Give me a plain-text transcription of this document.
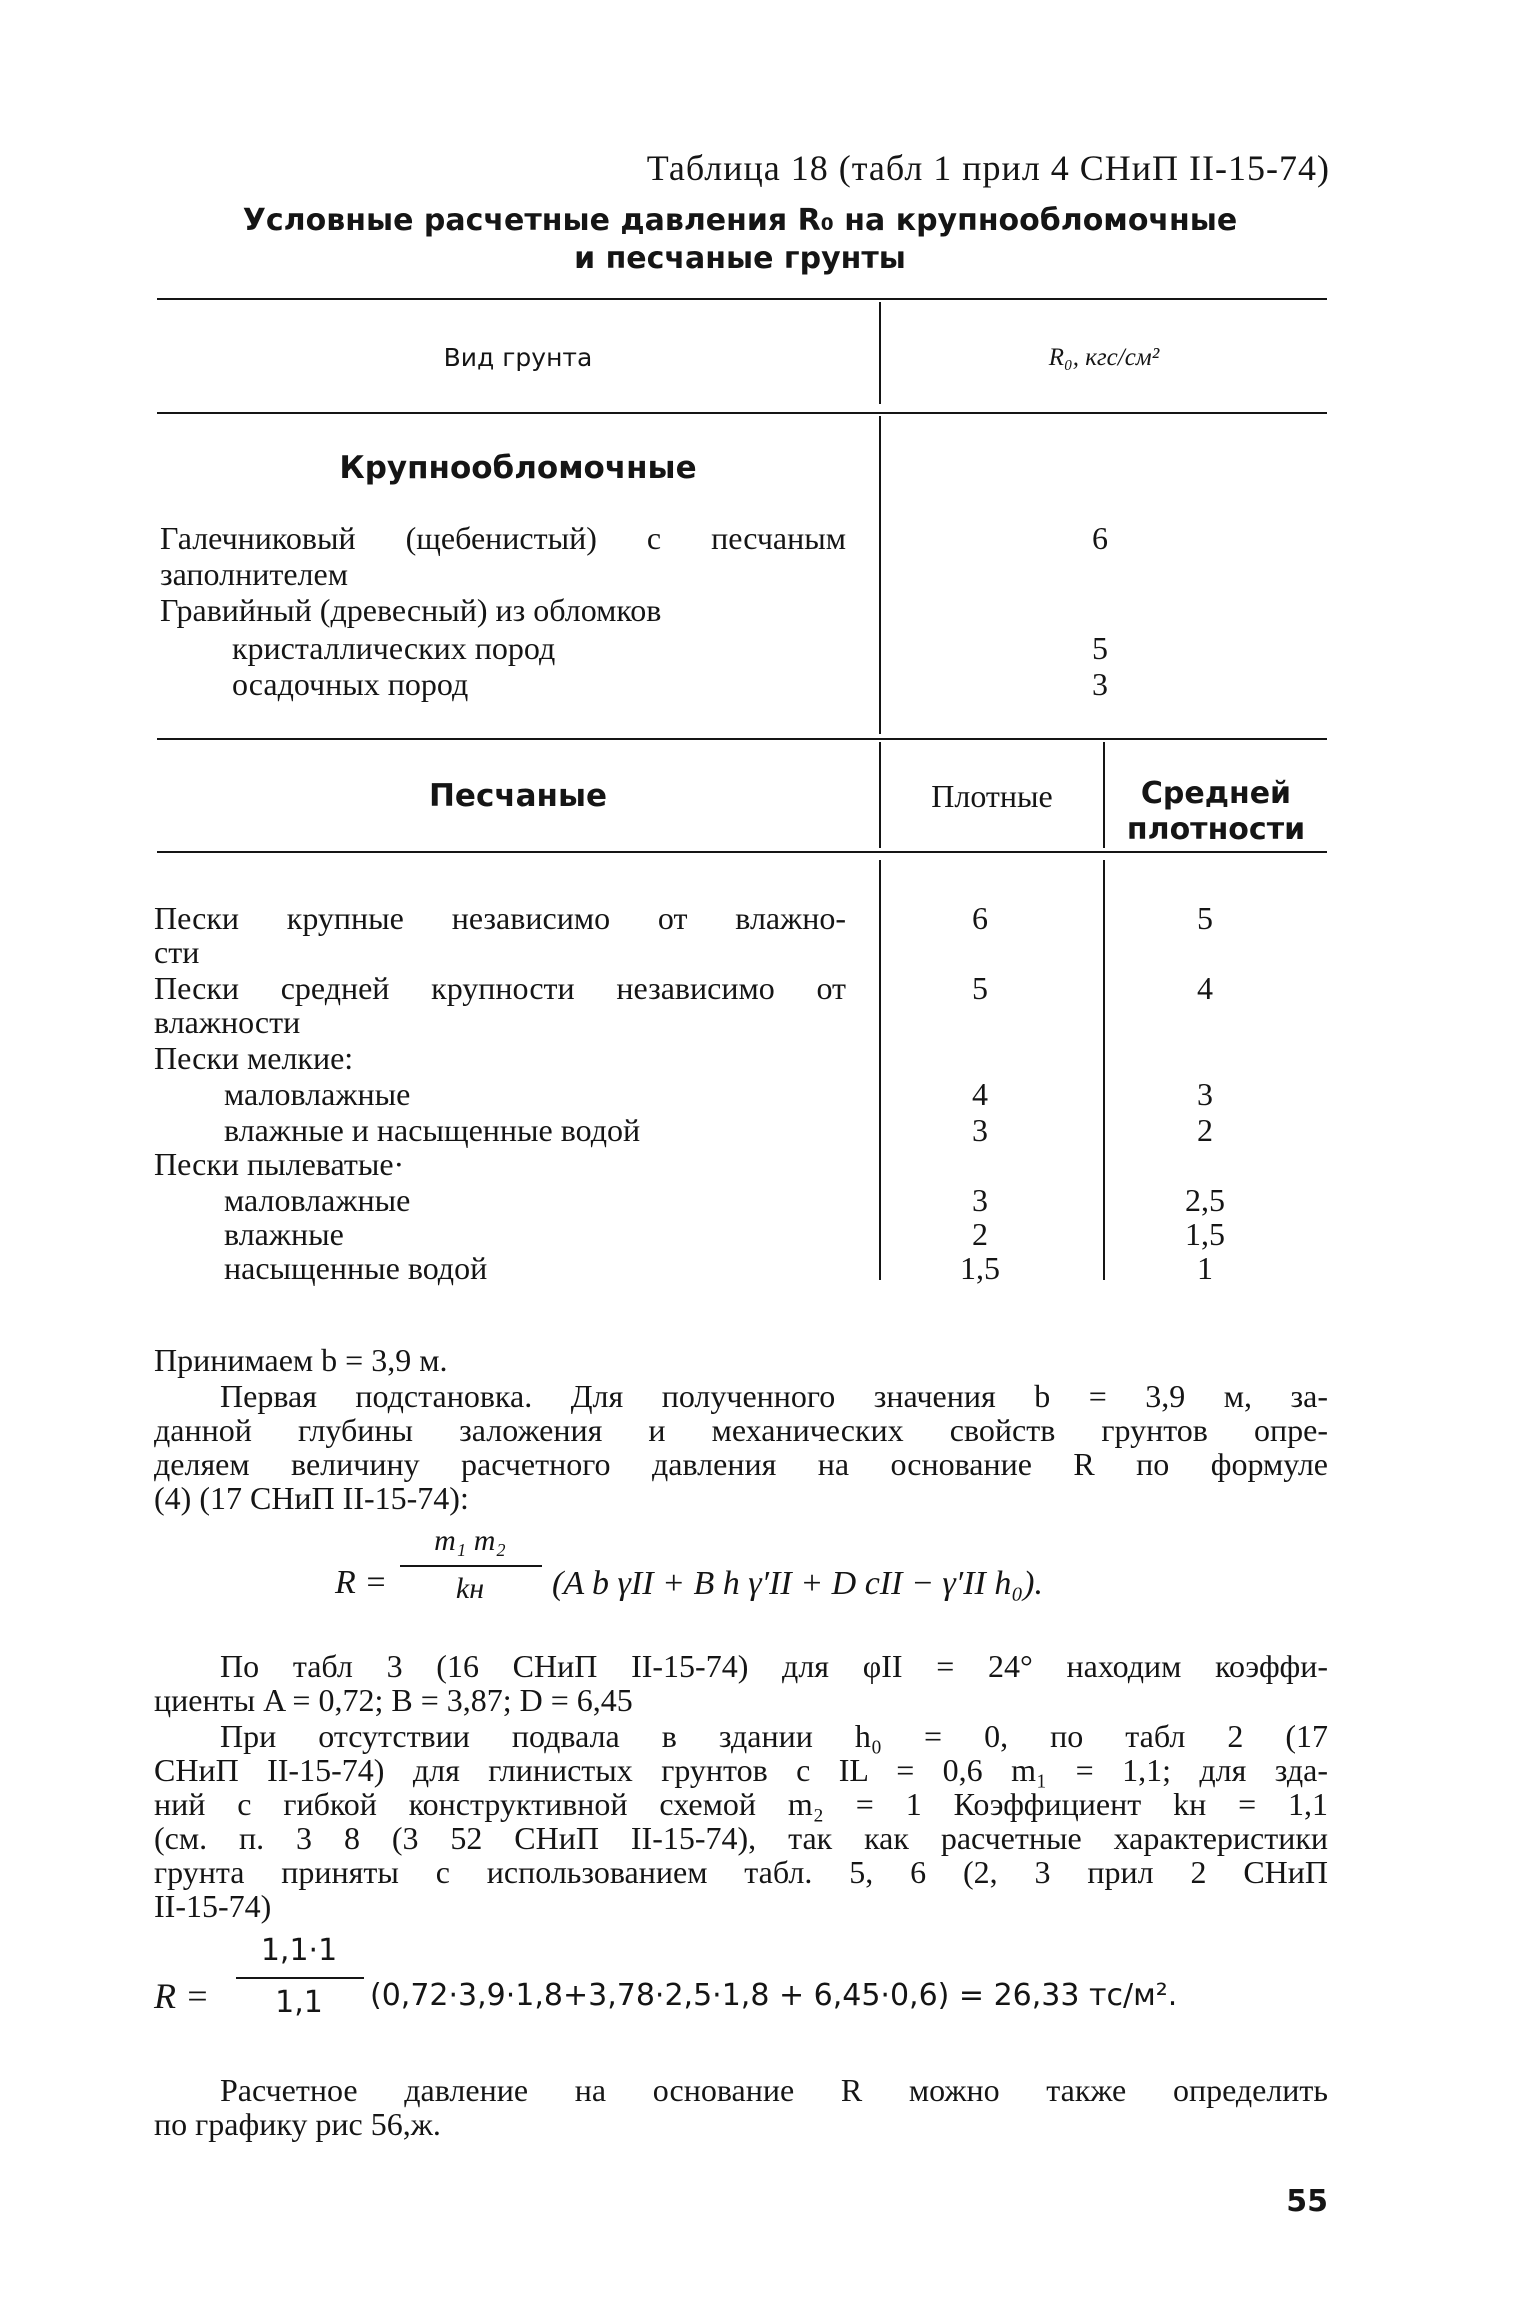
Таблица 18 (табл 1 прил 4 СНиП II-15-74)
Условные расчетные давления R₀ на крупнообломочные
и песчаные грунты
Вид грунта	R₀, кгс/см²
Крупнообломочные
Галечниковый (щебенистый) с песчаным	6
заполнителем
Гравийный (древесный) из обломков
кристаллических пород	5
осадочных пород	3
Песчаные	Плотные	Средней
плотности
Пески крупные независимо от влажно-	6	5
сти
Пески средней крупности независимо от	5	4
влажности
Пески мелкие:
маловлажные	4	3
влажные и насыщенные водой	3	2
Пески пылеватые·
маловлажные	3	2,5
влажные	2	1,5
насыщенные водой	1,5	1
Принимаем b = 3,9 м.
Первая подстановка. Для полученного значения b = 3,9 м, за-
данной глубины заложения и механических свойств грунтов опре-
деляем величину расчетного давления на основание R по формуле
(4) (17 СНиП II-15-74):
R =
m₁ m₂
kн	(A b γII + B h γ′II + D cII − γ′II h₀).
По табл 3 (16 СНиП II-15-74) для φII = 24° находим коэффи-
циенты A = 0,72; B = 3,87; D = 6,45
При отсутствии подвала в здании h₀ = 0, по табл 2 (17
СНиП II-15-74) для глинистых грунтов с IL = 0,6 m₁ = 1,1; для зда-
ний с гибкой конструктивной схемой m₂ = 1 Коэффициент kн = 1,1
(см. п. 3 8 (3 52 СНиП II-15-74), так как расчетные характеристики
грунта приняты с использованием табл. 5, 6 (2, 3 прил 2 СНиП
II-15-74)
R =
1,1·1
1,1	(0,72·3,9·1,8+3,78·2,5·1,8 + 6,45·0,6) = 26,33 тс/м².
Расчетное давление на основание R можно также определить
по графику рис 56,ж.
55
